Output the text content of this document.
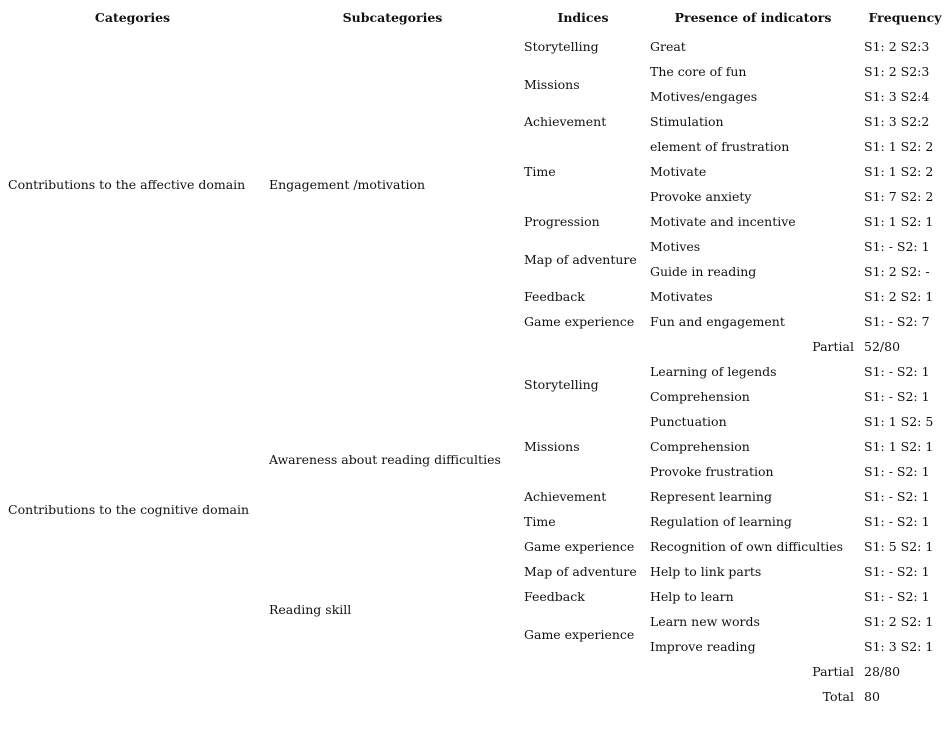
Categories	Subcategories	Indices	Presence of indicators	Frequency
Contributions to the affective domain	Engagement /motivation	Storytelling	Great	S1: 2 S2:3
		Missions	The core of fun	S1: 2 S2:3
			Motives/engages	S1: 3 S2:4
		Achievement	Stimulation	S1: 3 S2:2
		Time	element of frustration	S1: 1 S2: 2
			Motivate	S1: 1 S2: 2
			Provoke anxiety	S1: 7 S2: 2
		Progression	Motivate and incentive	S1: 1 S2: 1
		Map of adventure	Motives	S1: - S2: 1
			Guide in reading	S1: 2 S2: -
		Feedback	Motivates	S1: 2 S2: 1
		Game experience	Fun and engagement	S1: - S2: 7
			Partial	52/80
Contributions to the cognitive domain	Awareness about reading difficulties	Storytelling	Learning of legends	S1: - S2: 1
			Comprehension	S1: - S2: 1
		Missions	Punctuation	S1: 1 S2: 5
			Comprehension	S1: 1 S2: 1
			Provoke frustration	S1: - S2: 1
		Achievement	Represent learning	S1: - S2: 1
		Time	Regulation of learning	S1: - S2: 1
		Game experience	Recognition of own difficulties	S1: 5 S2: 1
	Reading skill	Map of adventure	Help to link parts	S1: - S2: 1
		Feedback	Help to learn	S1: - S2: 1
		Game experience	Learn new words	S1: 2 S2: 1
			Improve reading	S1: 3 S2: 1
			Partial	28/80
			Total	80
